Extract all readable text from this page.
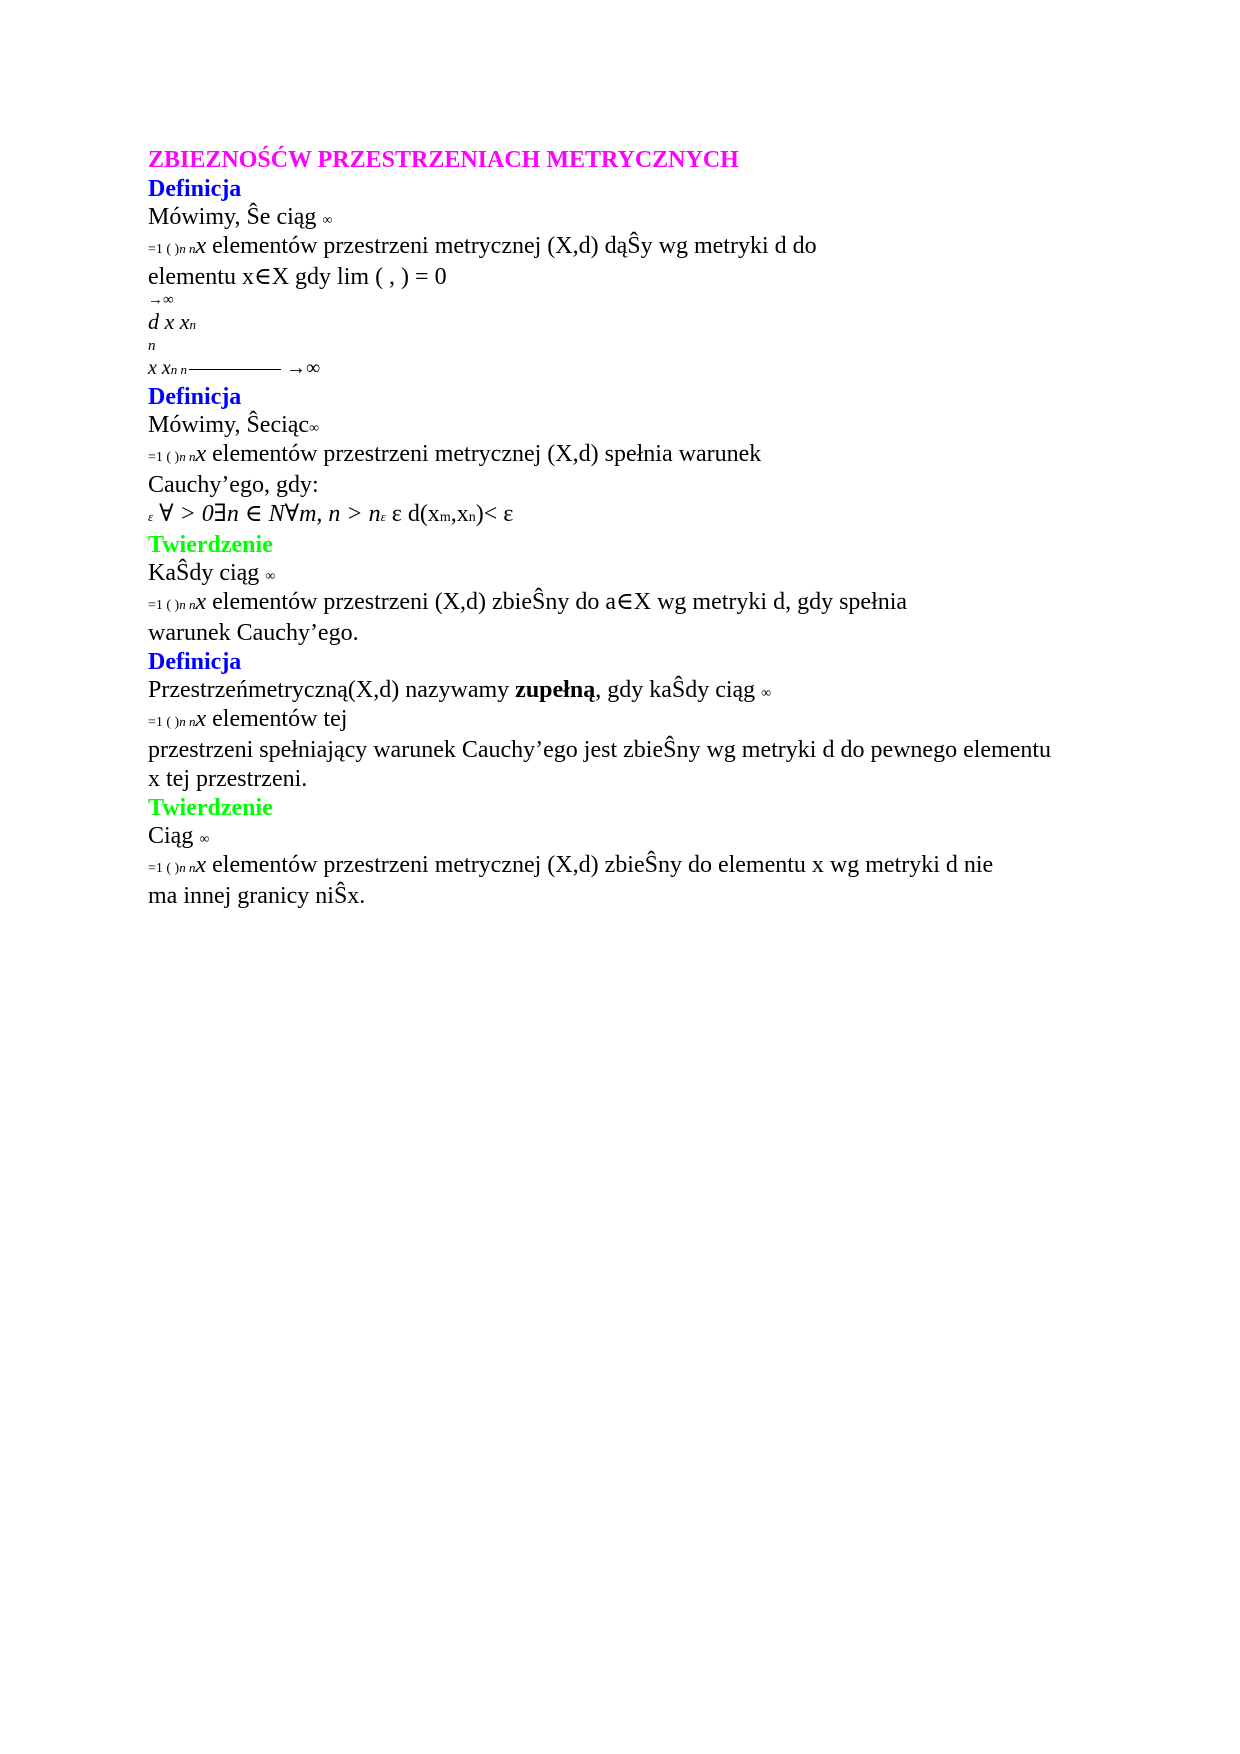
ZBIEZNOŚĆW PRZESTRZENIACH METRYCZNYCH
Definicja
Mówimy, Ŝe ciąg ∞
=1 ( )n nx elementów przestrzeni metrycznej (X,d) dąŜy wg metryki d do
elementu x∈X gdy lim ( , ) = 0
→∞
d x xn
n
x xn n	→∞
Definicja
Mówimy, Ŝeciąc∞
=1 ( )n nx elementów przestrzeni metrycznej (X,d) spełnia warunek
Cauchy’ego, gdy:
ε ∀ > 0∃n ∈ N∀m, n > nε ε d(xm,xn)< ε
Twierdzenie
KaŜdy ciąg ∞
=1 ( )n nx elementów przestrzeni (X,d) zbieŜny do a∈X wg metryki d, gdy spełnia
warunek Cauchy’ego.
Definicja
Przestrzeńmetryczną(X,d) nazywamy zupełną, gdy kaŜdy ciąg ∞
=1 ( )n nx elementów tej
przestrzeni spełniający warunek Cauchy’ego jest zbieŜny wg metryki d do pewnego elementu
x tej przestrzeni.
Twierdzenie
Ciąg ∞
=1 ( )n nx elementów przestrzeni metrycznej (X,d) zbieŜny do elementu x wg metryki d nie
ma innej granicy niŜx.
